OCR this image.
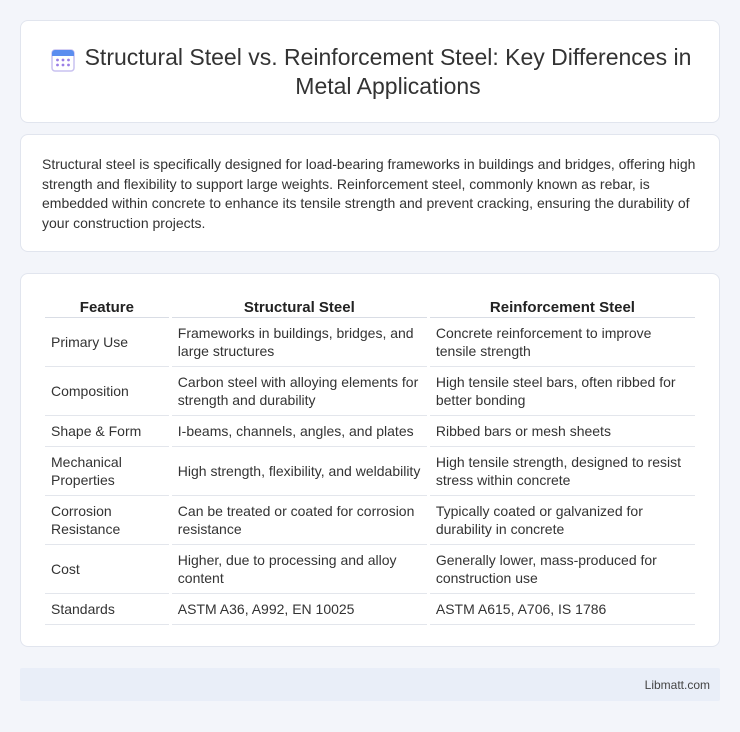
Structural Steel vs. Reinforcement Steel: Key Differences in Metal Applications

Structural steel is specifically designed for load-bearing frameworks in buildings and bridges, offering high strength and flexibility to support large weights. Reinforcement steel, commonly known as rebar, is embedded within concrete to enhance its tensile strength and prevent cracking, ensuring the durability of your construction projects.

Feature	Structural Steel	Reinforcement Steel
Primary Use	Frameworks in buildings, bridges, and large structures	Concrete reinforcement to improve tensile strength
Composition	Carbon steel with alloying elements for strength and durability	High tensile steel bars, often ribbed for better bonding
Shape & Form	I-beams, channels, angles, and plates	Ribbed bars or mesh sheets
Mechanical Properties	High strength, flexibility, and weldability	High tensile strength, designed to resist stress within concrete
Corrosion Resistance	Can be treated or coated for corrosion resistance	Typically coated or galvanized for durability in concrete
Cost	Higher, due to processing and alloy content	Generally lower, mass-produced for construction use
Standards	ASTM A36, A992, EN 10025	ASTM A615, A706, IS 1786
Libmatt.com
